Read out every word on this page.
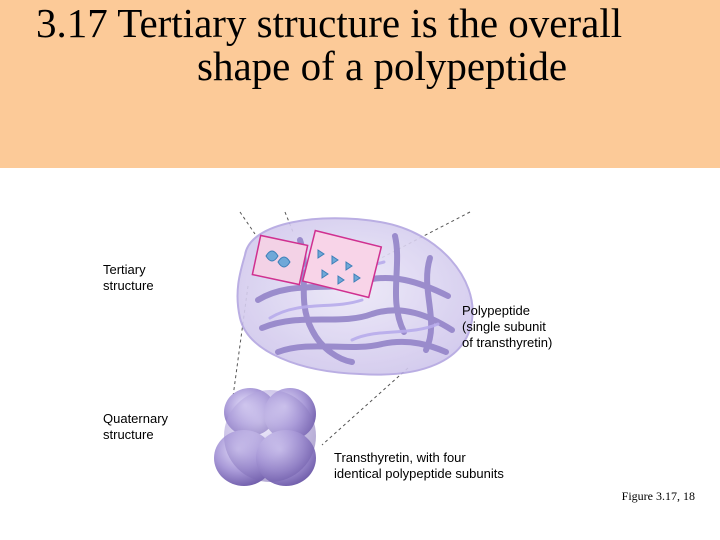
3.17 Tertiary structure is the overall
shape of a polypeptide
Tertiary
structure
Polypeptide
(single subunit
of transthyretin)
Quaternary
structure
Transthyretin, with four
identical polypeptide subunits
Figure 3.17, 18
